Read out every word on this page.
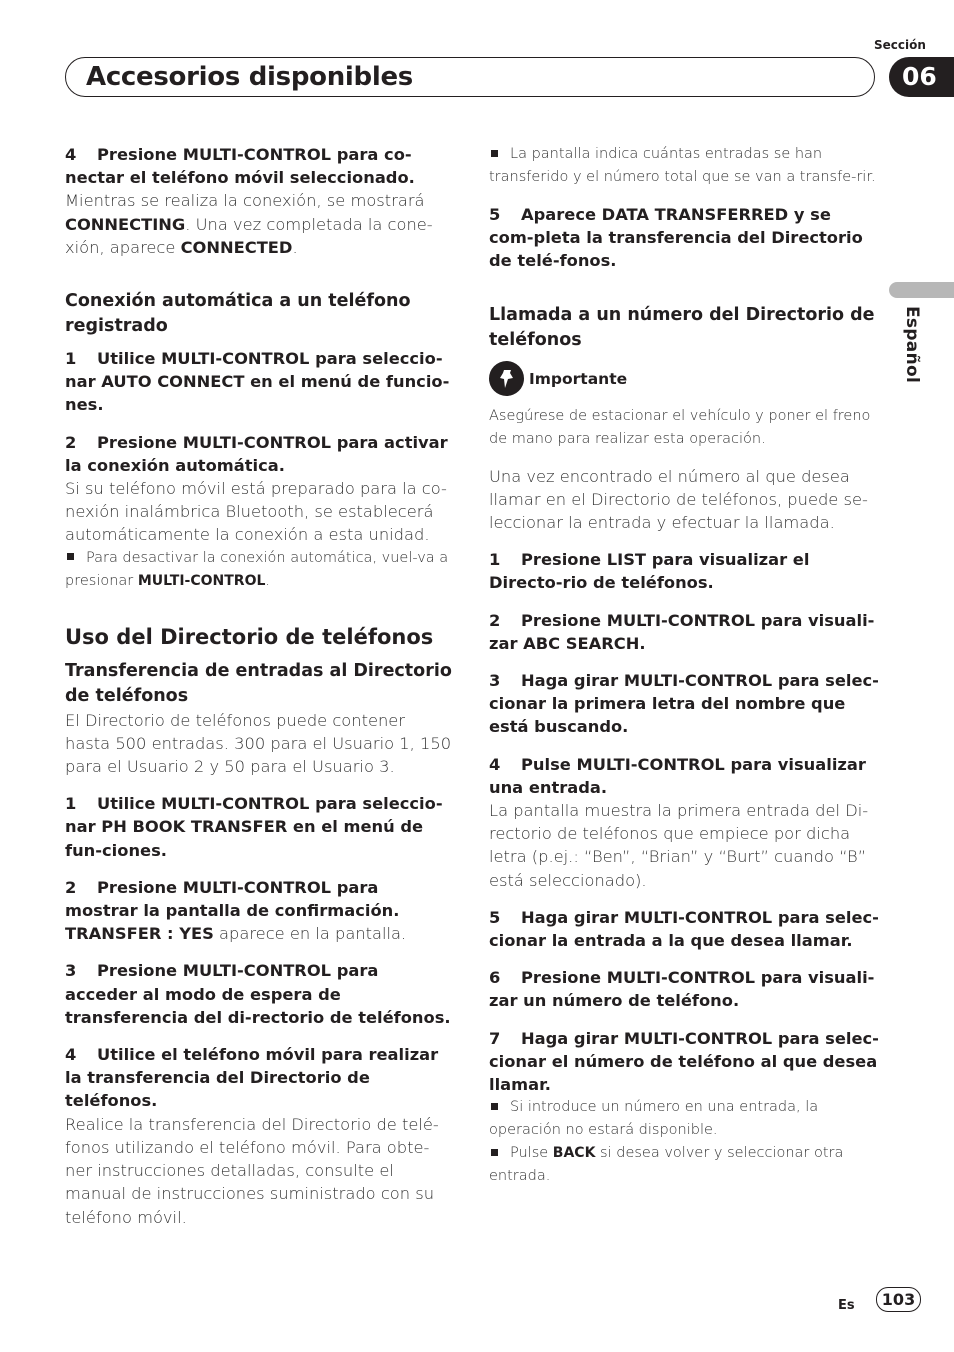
Sección
06
Accesorios disponibles
Español

4 Presione MULTI-CONTROL para co-nectar el teléfono móvil seleccionado.

Mientras se realiza la conexión, se mostrará CONNECTING. Una vez completada la cone-xión, aparece CONNECTED.

Conexión automática a un teléfono registrado

1 Utilice MULTI-CONTROL para seleccio-nar AUTO CONNECT en el menú de funcio-nes.

2 Presione MULTI-CONTROL para activar la conexión automática.

Si su teléfono móvil está preparado para la co-nexión inalámbrica Bluetooth, se establecerá automáticamente la conexión a esta unidad.

Para desactivar la conexión automática, vuel-va a presionar MULTI-CONTROL.

Uso del Directorio de teléfonos

Transferencia de entradas al Directorio de teléfonos

El Directorio de teléfonos puede contener hasta 500 entradas. 300 para el Usuario 1, 150 para el Usuario 2 y 50 para el Usuario 3.

1 Utilice MULTI-CONTROL para seleccio-nar PH BOOK TRANSFER en el menú de fun-ciones.

2 Presione MULTI-CONTROL para mostrar la pantalla de confirmación.

TRANSFER : YES aparece en la pantalla.

3 Presione MULTI-CONTROL para acceder al modo de espera de transferencia del di-rectorio de teléfonos.

4 Utilice el teléfono móvil para realizar la transferencia del Directorio de teléfonos.

Realice la transferencia del Directorio de telé-fonos utilizando el teléfono móvil. Para obte-ner instrucciones detalladas, consulte el manual de instrucciones suministrado con su teléfono móvil.

La pantalla indica cuántas entradas se han transferido y el número total que se van a transfe-rir.

5 Aparece DATA TRANSFERRED y se com-pleta la transferencia del Directorio de telé-fonos.

Llamada a un número del Directorio de teléfonos

Importante

Asegúrese de estacionar el vehículo y poner el freno de mano para realizar esta operación.

Una vez encontrado el número al que desea llamar en el Directorio de teléfonos, puede se-leccionar la entrada y efectuar la llamada.

1 Presione LIST para visualizar el Directo-rio de teléfonos.

2 Presione MULTI-CONTROL para visuali-zar ABC SEARCH.

3 Haga girar MULTI-CONTROL para selec-cionar la primera letra del nombre que está buscando.

4 Pulse MULTI-CONTROL para visualizar una entrada.

La pantalla muestra la primera entrada del Di-rectorio de teléfonos que empiece por dicha letra (p.ej.: “Ben”, “Brian” y “Burt” cuando “B” está seleccionado).

5 Haga girar MULTI-CONTROL para selec-cionar la entrada a la que desea llamar.

6 Presione MULTI-CONTROL para visuali-zar un número de teléfono.

7 Haga girar MULTI-CONTROL para selec-cionar el número de teléfono al que desea llamar.

Si introduce un número en una entrada, la operación no estará disponible.

Pulse BACK si desea volver y seleccionar otra entrada.

Es	103
